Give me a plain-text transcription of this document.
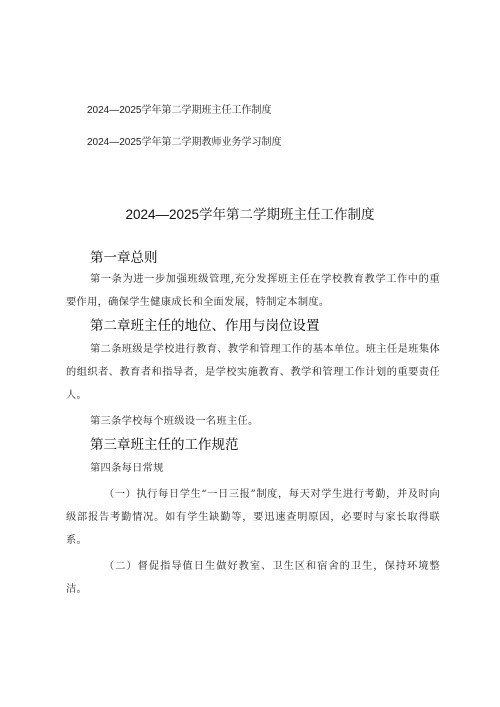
2024—2025学年第二学期班主任工作制度
2024—2025学年第二学期教师业务学习制度
2024—2025学年第二学期班主任工作制度
第一章总则

第一条为进一步加强班级管理,充分发挥班主任在学校教育教学工作中的重要作用，确保学生健康成长和全面发展，特制定本制度。

第二章班主任的地位、作用与岗位设置

第二条班级是学校进行教育、教学和管理工作的基本单位。班主任是班集体的组织者、教育者和指导者，是学校实施教育、教学和管理工作计划的重要责任人。

第三条学校每个班级设一名班主任。

第三章班主任的工作规范

第四条每日常规

（一）执行每日学生“一日三报”制度，每天对学生进行考勤，并及时向级部报告考勤情况。如有学生缺勤等，要迅速查明原因，必要时与家长取得联系。

（二）督促指导值日生做好教室、卫生区和宿舍的卫生，保持环境整洁。
